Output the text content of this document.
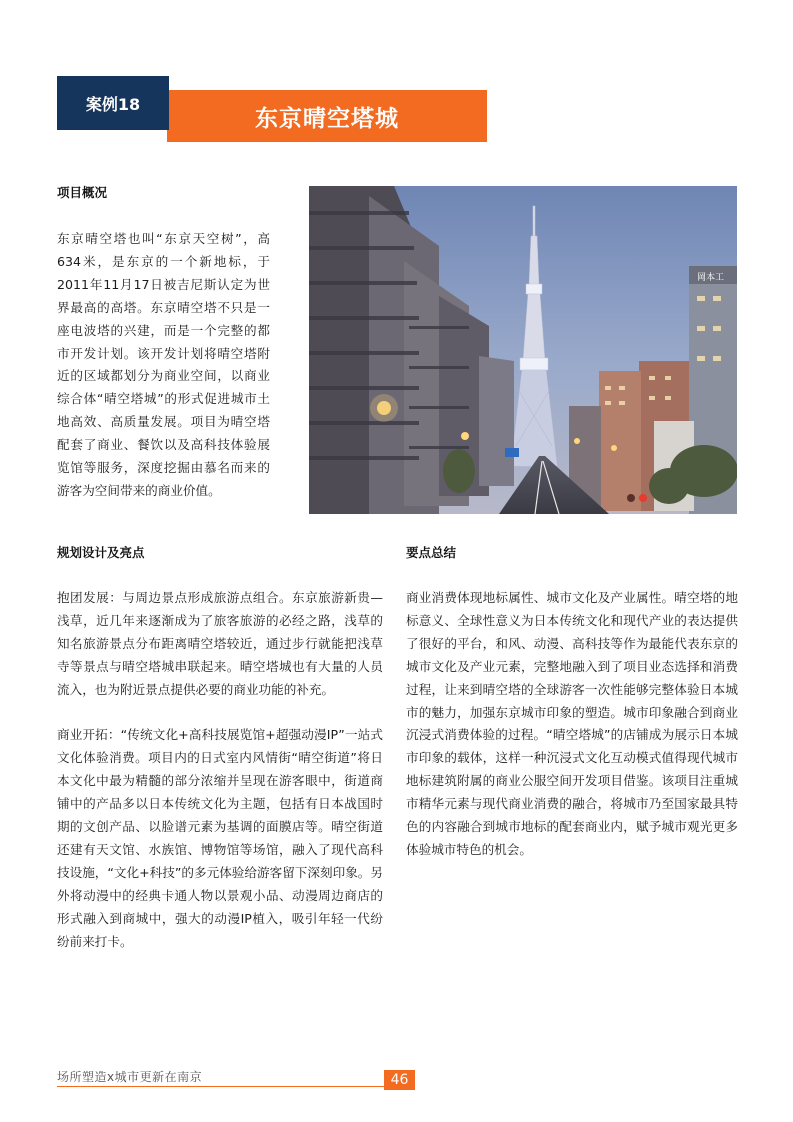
案例18
东京晴空塔城
项目概况

东京晴空塔也叫“东京天空树”，高634米，是东京的一个新地标，于2011年11月17日被吉尼斯认定为世界最高的高塔。东京晴空塔不只是一座电波塔的兴建，而是一个完整的都市开发计划。该开发计划将晴空塔附近的区域都划分为商业空间，以商业综合体“晴空塔城”的形式促进城市土地高效、高质量发展。项目为晴空塔配套了商业、餐饮以及高科技体验展览馆等服务，深度挖掘由慕名而来的游客为空间带来的商业价值。

岡本工
规划设计及亮点

抱团发展：与周边景点形成旅游点组合。东京旅游新贵—浅草，近几年来逐渐成为了旅客旅游的必经之路，浅草的知名旅游景点分布距离晴空塔较近，通过步行就能把浅草寺等景点与晴空塔城串联起来。晴空塔城也有大量的人员流入，也为附近景点提供必要的商业功能的补充。

商业开拓：“传统文化+高科技展览馆+超强动漫IP”一站式文化体验消费。项目内的日式室内风情街“晴空街道”将日本文化中最为精髓的部分浓缩并呈现在游客眼中，街道商铺中的产品多以日本传统文化为主题，包括有日本战国时期的文创产品、以脸谱元素为基调的面膜店等。晴空街道还建有天文馆、水族馆、博物馆等场馆，融入了现代高科技设施，“文化+科技”的多元体验给游客留下深刻印象。另外将动漫中的经典卡通人物以景观小品、动漫周边商店的形式融入到商城中，强大的动漫IP植入，吸引年轻一代纷纷前来打卡。

要点总结

商业消费体现地标属性、城市文化及产业属性。晴空塔的地标意义、全球性意义为日本传统文化和现代产业的表达提供了很好的平台，和风、动漫、高科技等作为最能代表东京的城市文化及产业元素，完整地融入到了项目业态选择和消费过程，让来到晴空塔的全球游客一次性能够完整体验日本城市的魅力，加强东京城市印象的塑造。城市印象融合到商业沉浸式消费体验的过程。“晴空塔城”的店铺成为展示日本城市印象的载体，这样一种沉浸式文化互动模式值得现代城市地标建筑附属的商业公服空间开发项目借鉴。该项目注重城市精华元素与现代商业消费的融合，将城市乃至国家最具特色的内容融合到城市地标的配套商业内，赋予城市观光更多体验城市特色的机会。

场所塑造x城市更新在南京	46
